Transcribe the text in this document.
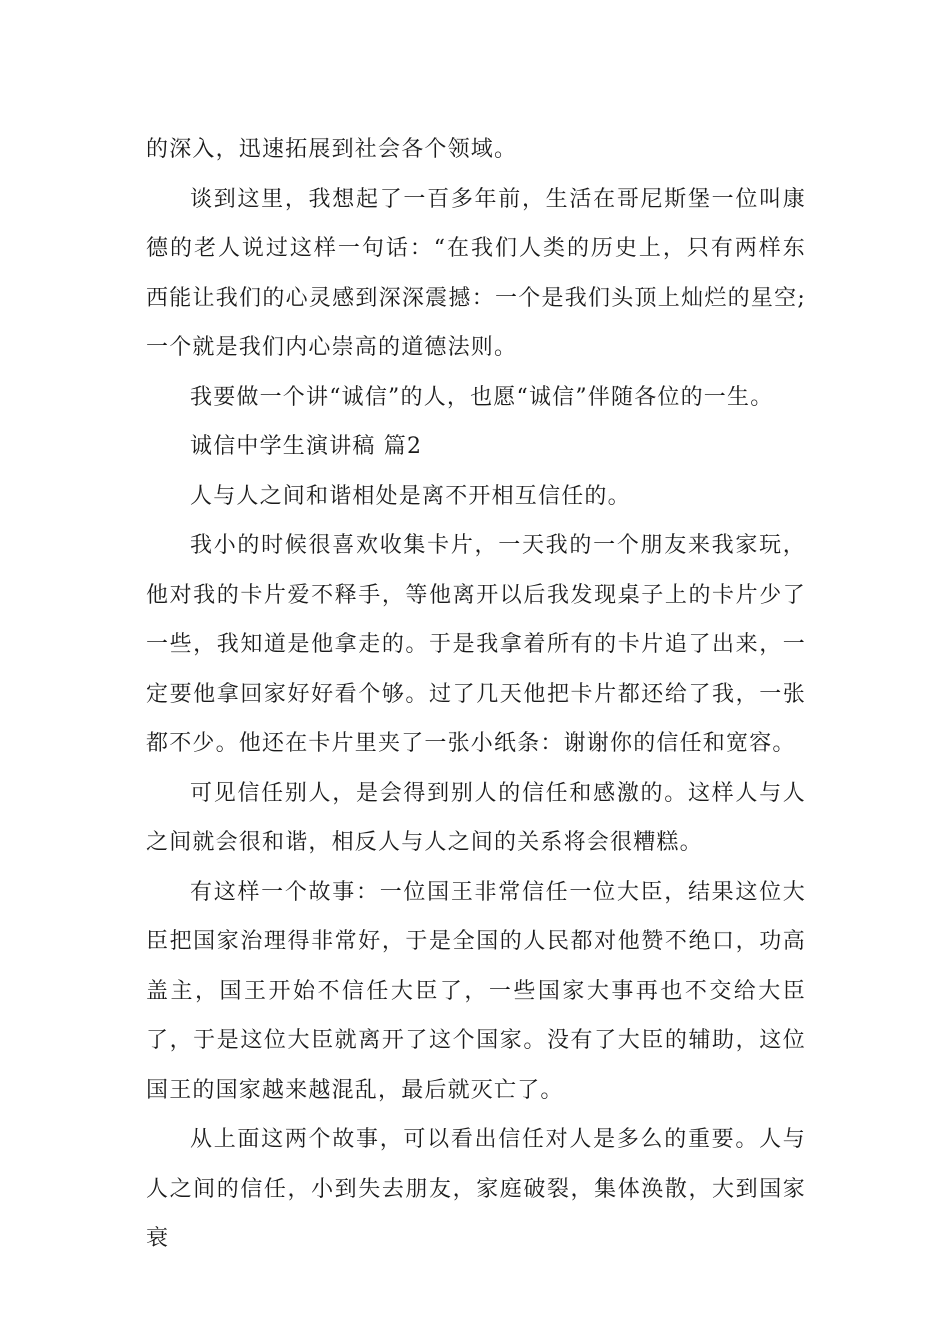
的深入，迅速拓展到社会各个领域。

谈到这里，我想起了一百多年前，生活在哥尼斯堡一位叫康德的老人说过这样一句话：“在我们人类的历史上，只有两样东西能让我们的心灵感到深深震撼：一个是我们头顶上灿烂的星空;一个就是我们内心崇高的道德法则。

我要做一个讲“诚信”的人，也愿“诚信”伴随各位的一生。

诚信中学生演讲稿 篇2

人与人之间和谐相处是离不开相互信任的。

我小的时候很喜欢收集卡片，一天我的一个朋友来我家玩，他对我的卡片爱不释手，等他离开以后我发现桌子上的卡片少了一些，我知道是他拿走的。于是我拿着所有的卡片追了出来，一定要他拿回家好好看个够。过了几天他把卡片都还给了我，一张都不少。他还在卡片里夹了一张小纸条：谢谢你的信任和宽容。

可见信任别人，是会得到别人的信任和感激的。这样人与人之间就会很和谐，相反人与人之间的关系将会很糟糕。

有这样一个故事：一位国王非常信任一位大臣，结果这位大臣把国家治理得非常好，于是全国的人民都对他赞不绝口，功高盖主，国王开始不信任大臣了，一些国家大事再也不交给大臣了，于是这位大臣就离开了这个国家。没有了大臣的辅助，这位国王的国家越来越混乱，最后就灭亡了。

从上面这两个故事，可以看出信任对人是多么的重要。人与人之间的信任，小到失去朋友，家庭破裂，集体涣散，大到国家衰
